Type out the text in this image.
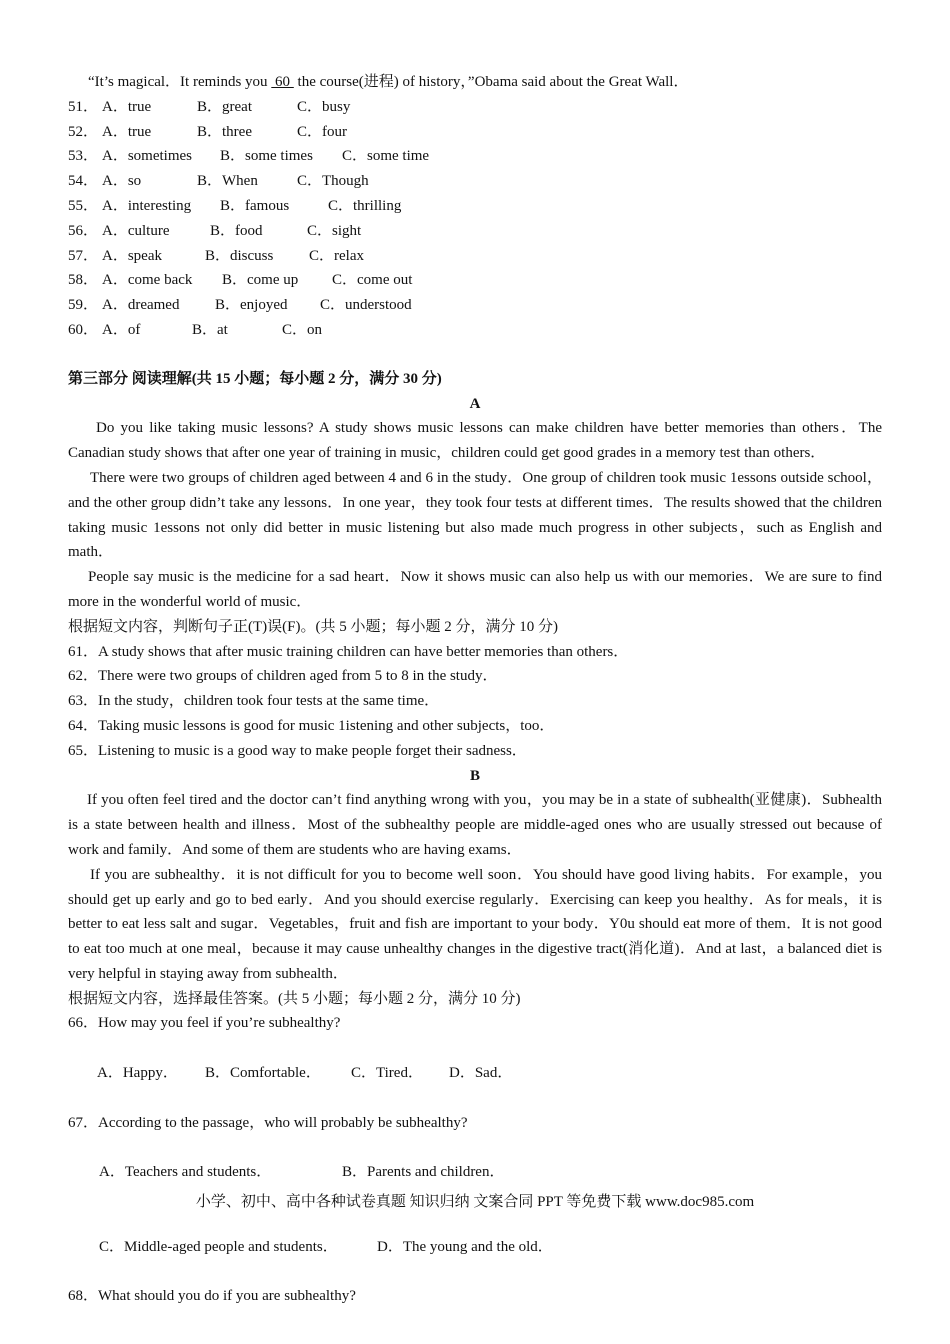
“It’s magical．It reminds you  60  the course(进程) of history，”Obama said about the Great Wall．
51． A．true	B．great	C．busy
52． A．true	B．three	C．four
53． A．sometimes B．some times C．some time
54． A．so	B．When	C．Though
55． A．interesting B．famous	C．thrilling
56． A．culture	B．food	C．sight
57． A．speak	B．discuss C．relax
58． A．come back B．come up C．come out
59． A．dreamed B．enjoyed C．understood
60． A．of	B．at	C．on
第三部分 阅读理解(共 15 小题；每小题 2 分，满分 30 分)
A
Do you like taking music lessons? A study shows music lessons can make children have better memories than others．The Canadian study shows that after one year of training in music，children could get good grades in a memory test than others．
There were two groups of children aged between 4 and 6 in the study．One group of children took music 1essons outside school，and the other group didn’t take any lessons．In one year，they took four tests at different times．The results showed that the children taking music 1essons not only did better in music listening but also made much progress in other subjects，such as English and math．
People say music is the medicine for a sad heart．Now it shows music can also help us with our memories．We are sure to find more in the wonderful world of music．
根据短文内容，判断句子正(T)误(F)。(共 5 小题；每小题 2 分，满分 10 分)
61．A study shows that after music training children can have better memories than others．
62．There were two groups of children aged from 5 to 8 in the study．
63．In the study，children took four tests at the same time．
64．Taking music lessons is good for music 1istening and other subjects，too．
65．Listening to music is a good way to make people forget their sadness．
B
If you often feel tired and the doctor can’t find anything wrong with you，you may be in a state of subhealth(亚健康)．Subhealth is a state between health and illness．Most of the subhealthy people are middle-aged ones who are usually stressed out because of work and family．And some of them are students who are having exams．
If you are subhealthy．it is not difficult for you to become well soon．You should have good living habits．For example，you should get up early and go to bed early．And you should exercise regularly．Exercising can keep you healthy．As for meals，it is better to eat less salt and sugar．Vegetables，fruit and fish are important to your body．Y0u should eat more of them．It is not good to eat too much at one meal，because it may cause unhealthy changes in the digestive tract(消化道)．And at last，a balanced diet is very helpful in staying away from subhealth．
根据短文内容，选择最佳答案。(共 5 小题；每小题 2 分，满分 10 分)
66．How may you feel if you’re subhealthy?

A．Happy． B．Comfortable． C．Tired． D．Sad．

67．According to the passage，who will probably be subhealthy?

A．Teachers and students．	B．Parents and children．

C．Middle-aged people and students．	D．The young and the old．

68．What should you do if you are subhealthy?
小学、初中、高中各种试卷真题 知识归纳 文案合同 PPT 等免费下载 www.doc985.com
